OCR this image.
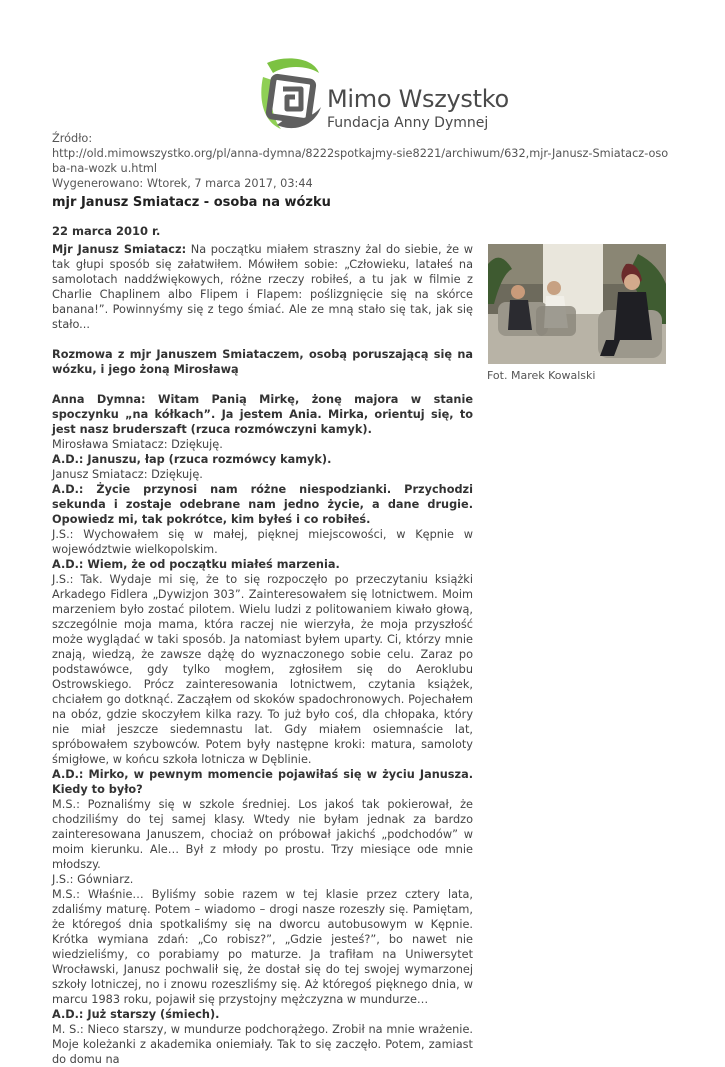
Mimo Wszystko
Fundacja Anny Dymnej
Źródło:
http://old.mimowszystko.org/pl/anna-dymna/8222spotkajmy-sie8221/archiwum/632,mjr-Janusz-Smiatacz-osoba-na-wozk u.html
Wygenerowano: Wtorek, 7 marca 2017, 03:44
mjr Janusz Smiatacz - osoba na wózku
22 marca 2010 r.
Fot. Marek Kowalski

Mjr Janusz Smiatacz: Na początku miałem straszny żal do siebie, że w tak głupi sposób się załatwiłem. Mówiłem sobie: „Człowieku, latałeś na samolotach naddźwiękowych, różne rzeczy robiłeś, a tu jak w filmie z Charlie Chaplinem albo Flipem i Flapem: poślizgnięcie się na skórce banana!”. Powinnyśmy się z tego śmiać. Ale ze mną stało się tak, jak się stało...

Rozmowa z mjr Januszem Smiataczem, osobą poruszającą się na wózku, i jego żoną Mirosławą

Anna Dymna: Witam Panią Mirkę, żonę majora w stanie spoczynku „na kółkach”. Ja jestem Ania. Mirka, orientuj się, to jest nasz bruderszaft (rzuca rozmówczyni kamyk).

Mirosława Smiatacz: Dziękuję.

A.D.: Januszu, łap (rzuca rozmówcy kamyk).

Janusz Smiatacz: Dziękuję.

A.D.: Życie przynosi nam różne niespodzianki. Przychodzi sekunda i zostaje odebrane nam jedno życie, a dane drugie. Opowiedz mi, tak pokrótce, kim byłeś i co robiłeś.

J.S.: Wychowałem się w małej, pięknej miejscowości, w Kępnie w województwie wielkopolskim.

A.D.: Wiem, że od początku miałeś marzenia.

J.S.: Tak. Wydaje mi się, że to się rozpoczęło po przeczytaniu książki Arkadego Fidlera „Dywizjon 303”. Zainteresowałem się lotnictwem. Moim marzeniem było zostać pilotem. Wielu ludzi z politowaniem kiwało głową, szczególnie moja mama, która raczej nie wierzyła, że moja przyszłość może wyglądać w taki sposób. Ja natomiast byłem uparty. Ci, którzy mnie znają, wiedzą, że zawsze dążę do wyznaczonego sobie celu. Zaraz po podstawówce, gdy tylko mogłem, zgłosiłem się do Aeroklubu Ostrowskiego. Prócz zainteresowania lotnictwem, czytania książek, chciałem go dotknąć. Zacząłem od skoków spadochronowych. Pojechałem na obóz, gdzie skoczyłem kilka razy. To już było coś, dla chłopaka, który nie miał jeszcze siedemnastu lat. Gdy miałem osiemnaście lat, spróbowałem szybowców. Potem były następne kroki: matura, samoloty śmigłowe, w końcu szkoła lotnicza w Dęblinie.

A.D.: Mirko, w pewnym momencie pojawiłaś się w życiu Janusza. Kiedy to było?

M.S.: Poznaliśmy się w szkole średniej. Los jakoś tak pokierował, że chodziliśmy do tej samej klasy. Wtedy nie byłam jednak za bardzo zainteresowana Januszem, chociaż on próbował jakichś „podchodów” w moim kierunku. Ale… Był z młody po prostu. Trzy miesiące ode mnie młodszy.

J.S.: Gówniarz.

M.S.: Właśnie… Byliśmy sobie razem w tej klasie przez cztery lata, zdaliśmy maturę. Potem – wiadomo – drogi nasze rozeszły się. Pamiętam, że któregoś dnia spotkaliśmy się na dworcu autobusowym w Kępnie. Krótka wymiana zdań: „Co robisz?”, „Gdzie jesteś?”, bo nawet nie wiedzieliśmy, co porabiamy po maturze. Ja trafiłam na Uniwersytet Wrocławski, Janusz pochwalił się, że dostał się do tej swojej wymarzonej szkoły lotniczej, no i znowu rozeszliśmy się. Aż któregoś pięknego dnia, w marcu 1983 roku, pojawił się przystojny mężczyzna w mundurze…

A.D.: Już starszy (śmiech).

M. S.: Nieco starszy, w mundurze podchorążego. Zrobił na mnie wrażenie. Moje koleżanki z akademika oniemiały. Tak to się zaczęło. Potem, zamiast do domu na
